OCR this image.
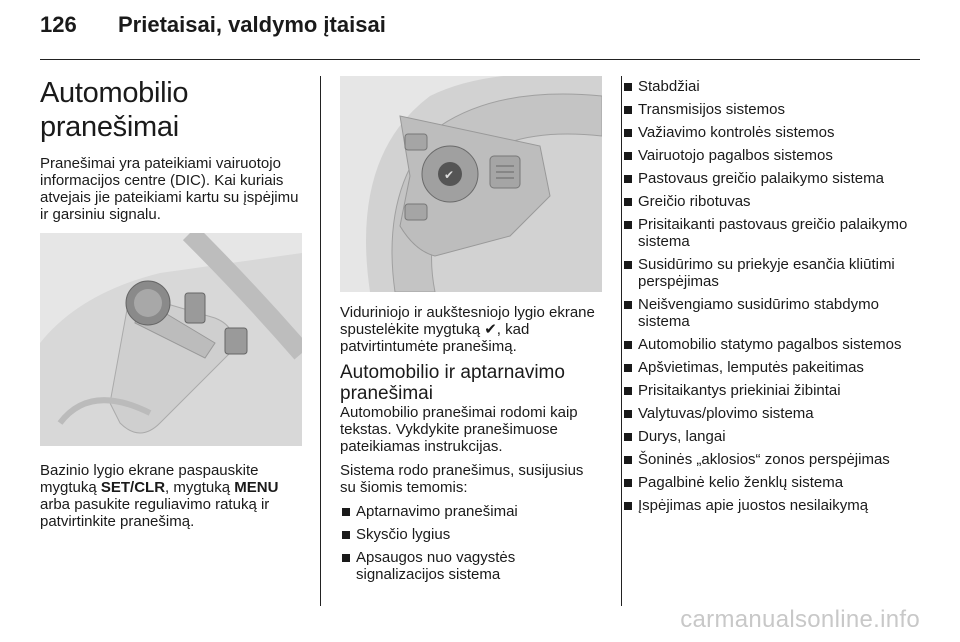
126 Prietaisai, valdymo įtaisai
Automobilio pranešimai

Pranešimai yra pateikiami vairuotojo informacijos centre (DIC). Kai kuriais atvejais jie pateikiami kartu su įspėjimu ir garsiniu signalu.

Bazinio lygio ekrane paspauskite mygtuką SET/CLR, mygtuką MENU arba pasukite reguliavimo ratuką ir patvirtinkite pranešimą.

✔

Viduriniojo ir aukštesniojo lygio ekrane spustelėkite mygtuką ✔, kad patvirtintumėte pranešimą.

Automobilio ir aptarnavimo pranešimai

Automobilio pranešimai rodomi kaip tekstas. Vykdykite pranešimuose pateikiamas instrukcijas.

Sistema rodo pranešimus, susijusius su šiomis temomis:

Aptarnavimo pranešimai
Skysčio lygius
Apsaugos nuo vagystės signalizacijos sistema
Stabdžiai
Transmisijos sistemos
Važiavimo kontrolės sistemos
Vairuotojo pagalbos sistemos
Pastovaus greičio palaikymo sistema
Greičio ribotuvas
Prisitaikanti pastovaus greičio palaikymo sistema
Susidūrimo su priekyje esančia kliūtimi perspėjimas
Neišvengiamo susidūrimo stabdymo sistema
Automobilio statymo pagalbos sistemos
Apšvietimas, lemputės pakeitimas
Prisitaikantys priekiniai žibintai
Valytuvas/plovimo sistema
Durys, langai
Šoninės „aklosios“ zonos perspėjimas
Pagalbinė kelio ženklų sistema
Įspėjimas apie juostos nesilaikymą
carmanualsonline.info
